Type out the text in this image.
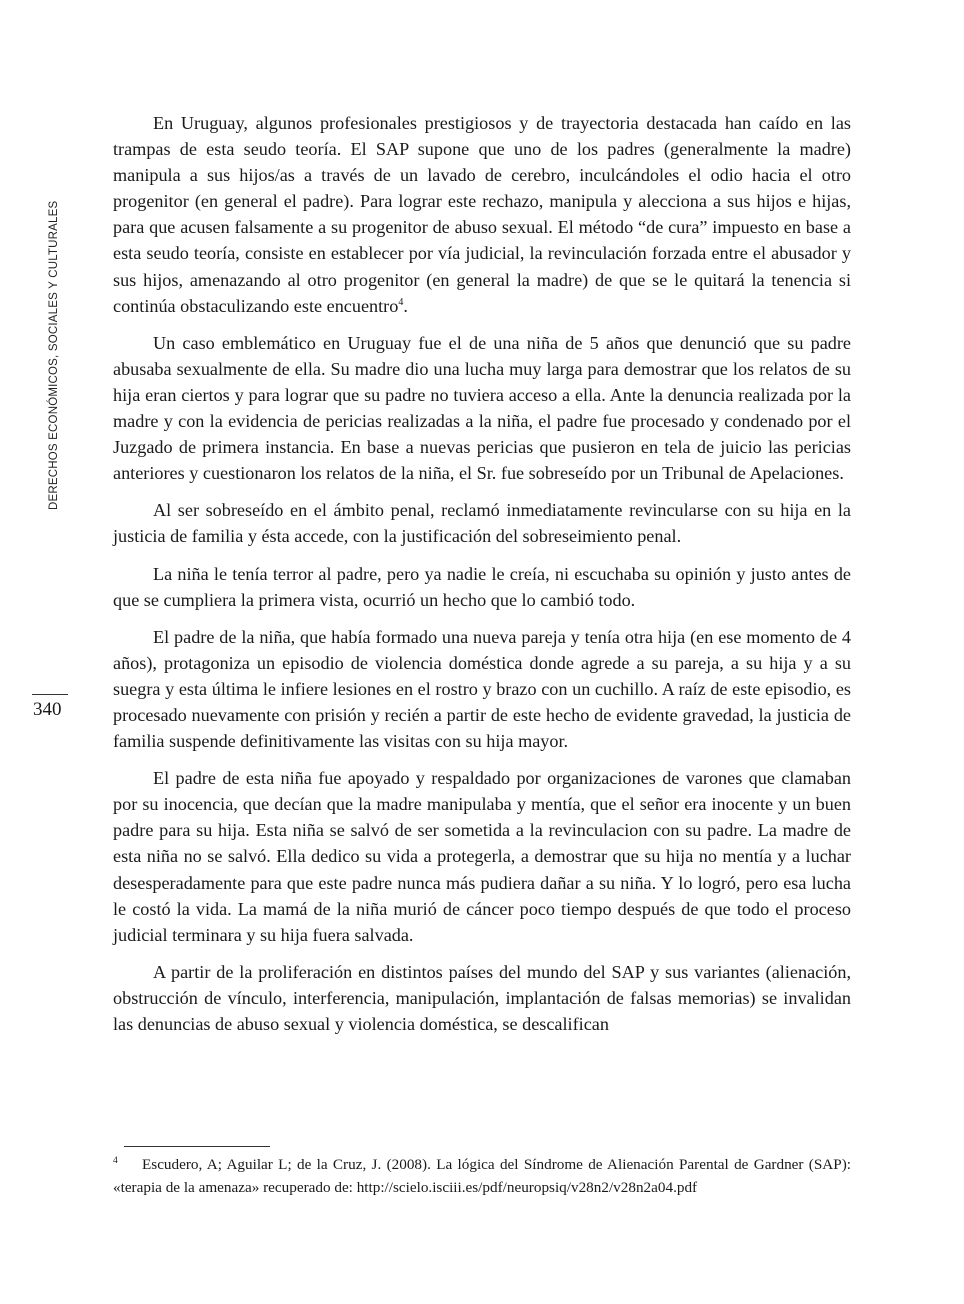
DERECHOS ECONÓMICOS, SOCIALES Y CULTURALES
340

En Uruguay, algunos profesionales prestigiosos y de trayectoria destacada han caído en las trampas de esta seudo teoría. El SAP supone que uno de los padres (generalmente la madre) manipula a sus hijos/as a través de un lavado de cerebro, inculcándoles el odio hacia el otro progenitor (en general el padre). Para lograr este rechazo, manipula y alecciona a sus hijos e hijas, para que acusen falsamente a su progenitor de abuso sexual. El método “de cura” impuesto en base a esta seudo teoría, consiste en establecer por vía judicial, la revinculación forzada entre el abusador y sus hijos, amenazando al otro progenitor (en general la madre) de que se le quitará la tenencia si continúa obstaculizando este encuentro$^4$.

Un caso emblemático en Uruguay fue el de una niña de 5 años que denunció que su padre abusaba sexualmente de ella. Su madre dio una lucha muy larga para demostrar que los relatos de su hija eran ciertos y para lograr que su padre no tuviera acceso a ella. Ante la denuncia realizada por la madre y con la evidencia de pericias realizadas a la niña, el padre fue procesado y condenado por el Juzgado de primera instancia. En base a nuevas pericias que pusieron en tela de juicio las pericias anteriores y cuestionaron los relatos de la niña, el Sr. fue sobreseído por un Tribunal de Apelaciones.

Al ser sobreseído en el ámbito penal, reclamó inmediatamente revincularse con su hija en la justicia de familia y ésta accede, con la justificación del sobreseimiento penal.

La niña le tenía terror al padre, pero ya nadie le creía, ni escuchaba su opinión y justo antes de que se cumpliera la primera vista, ocurrió un hecho que lo cambió todo.

El padre de la niña, que había formado una nueva pareja y tenía otra hija (en ese momento de 4 años), protagoniza un episodio de violencia doméstica donde agrede a su pareja, a su hija y a su suegra y esta última le infiere lesiones en el rostro y brazo con un cuchillo. A raíz de este episodio, es procesado nuevamente con prisión y recién a partir de este hecho de evidente gravedad, la justicia de familia suspende definitivamente las visitas con su hija mayor.

El padre de esta niña fue apoyado y respaldado por organizaciones de varones que clamaban por su inocencia, que decían que la madre manipulaba y mentía, que el señor era inocente y un buen padre para su hija. Esta niña se salvó de ser sometida a la revinculacion con su padre. La madre de esta niña no se salvó. Ella dedico su vida a protegerla, a demostrar que su hija no mentía y a luchar desesperadamente para que este padre nunca más pudiera dañar a su niña. Y lo logró, pero esa lucha le costó la vida. La mamá de la niña murió de cáncer poco tiempo después de que todo el proceso judicial terminara y su hija fuera salvada.

A partir de la proliferación en distintos países del mundo del SAP y sus variantes (alienación, obstrucción de vínculo, interferencia, manipulación, implantación de falsas memorias) se invalidan las denuncias de abuso sexual y violencia doméstica, se descalifican

4 Escudero, A; Aguilar L; de la Cruz, J. (2008). La lógica del Síndrome de Alienación Parental de Gardner (SAP): «terapia de la amenaza» recuperado de: http://scielo.isciii.es/pdf/neuropsiq/v28n2/v28n2a04.pdf
